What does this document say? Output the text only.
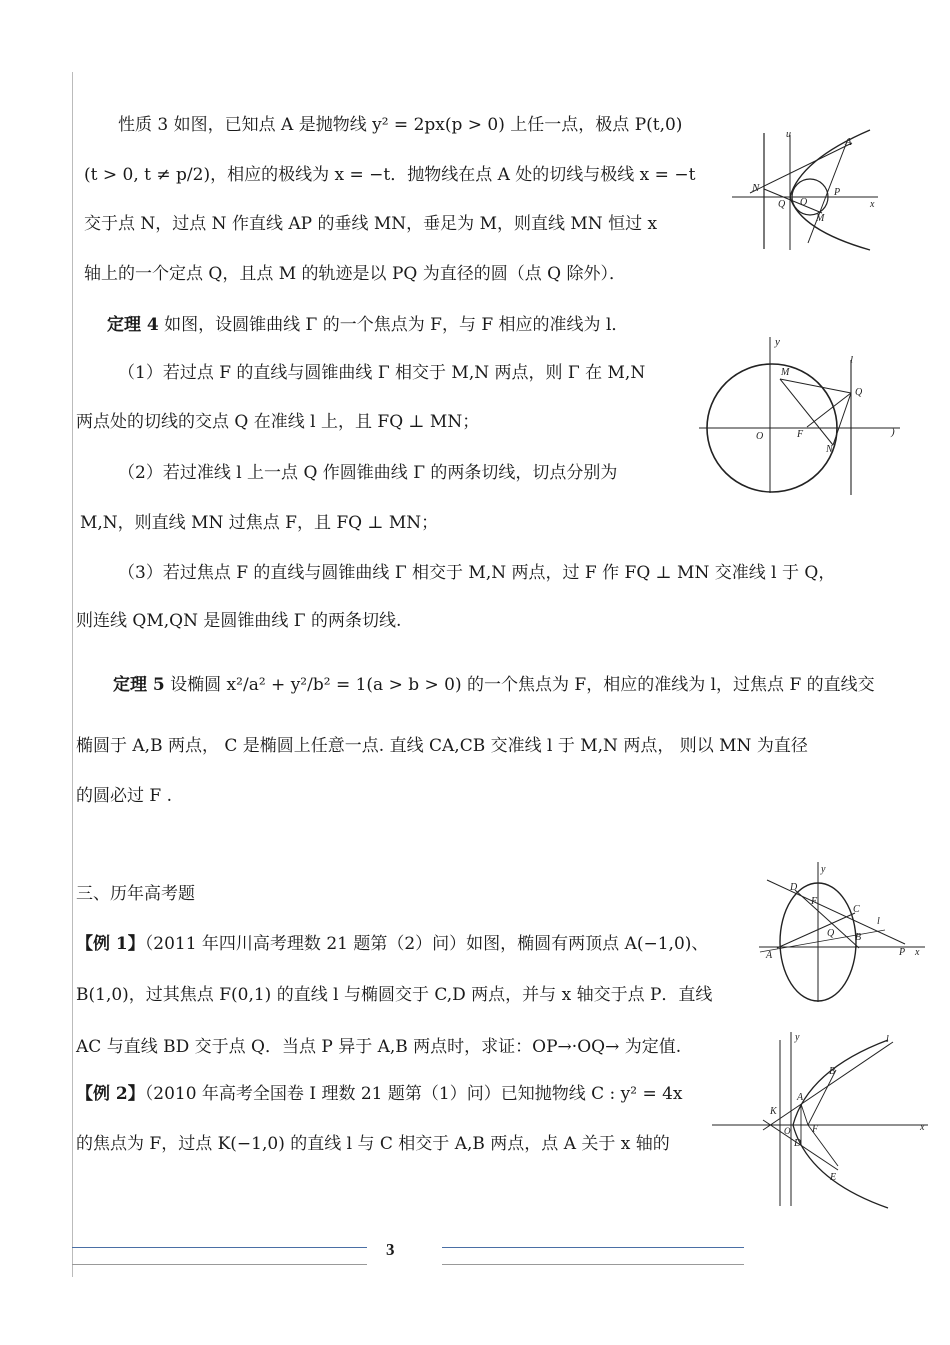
性质 3 如图，已知点 A 是抛物线 y² = 2px(p > 0) 上任一点，极点 P(t,0)
(t > 0, t ≠ p/2)，相应的极线为 x = −t．抛物线在点 A 处的切线与极线 x = −t
交于点 N，过点 N 作直线 AP 的垂线 MN，垂足为 M，则直线 MN 恒过 x
轴上的一个定点 Q，且点 M 的轨迹是以 PQ 为直径的圆（点 Q 除外）．
定理 4 如图，设圆锥曲线 Γ 的一个焦点为 F，与 F 相应的准线为 l．
（1）若过点 F 的直线与圆锥曲线 Γ 相交于 M,N 两点，则 Γ 在 M,N
两点处的切线的交点 Q 在准线 l 上，且 FQ ⊥ MN；
（2）若过准线 l 上一点 Q 作圆锥曲线 Γ 的两条切线，切点分别为
M,N，则直线 MN 过焦点 F，且 FQ ⊥ MN；
（3）若过焦点 F 的直线与圆锥曲线 Γ 相交于 M,N 两点，过 F 作 FQ ⊥ MN 交准线 l 于 Q，
则连线 QM,QN 是圆锥曲线 Γ 的两条切线.
定理 5 设椭圆 x²/a² + y²/b² = 1(a > b > 0) 的一个焦点为 F，相应的准线为 l，过焦点 F 的直线交
椭圆于 A,B 两点， C 是椭圆上任意一点. 直线 CA,CB 交准线 l 于 M,N 两点， 则以 MN 为直径
的圆必过 F .
三、历年高考题
【例 1】（2011 年四川高考理数 21 题第（2）问）如图，椭圆有两顶点 A(−1,0)、
B(1,0)，过其焦点 F(0,1) 的直线 l 与椭圆交于 C,D 两点，并与 x 轴交于点 P．直线
AC 与直线 BD 交于点 Q．当点 P 异于 A,B 两点时，求证：OP→·OQ→ 为定值.
【例 2】（2010 年高考全国卷 I 理数 21 题第（1）问）已知抛物线 C : y² = 4x
的焦点为 F，过点 K(−1,0) 的直线 l 与 C 相交于 A,B 两点，点 A 关于 x 轴的
A
N
Q O
P
M
u
x
y
l
M
Q
O	F
N
)
y
D
F
C
l
Q B
A	P x
y	l
B
K
A
O
D
F
E
x
3
